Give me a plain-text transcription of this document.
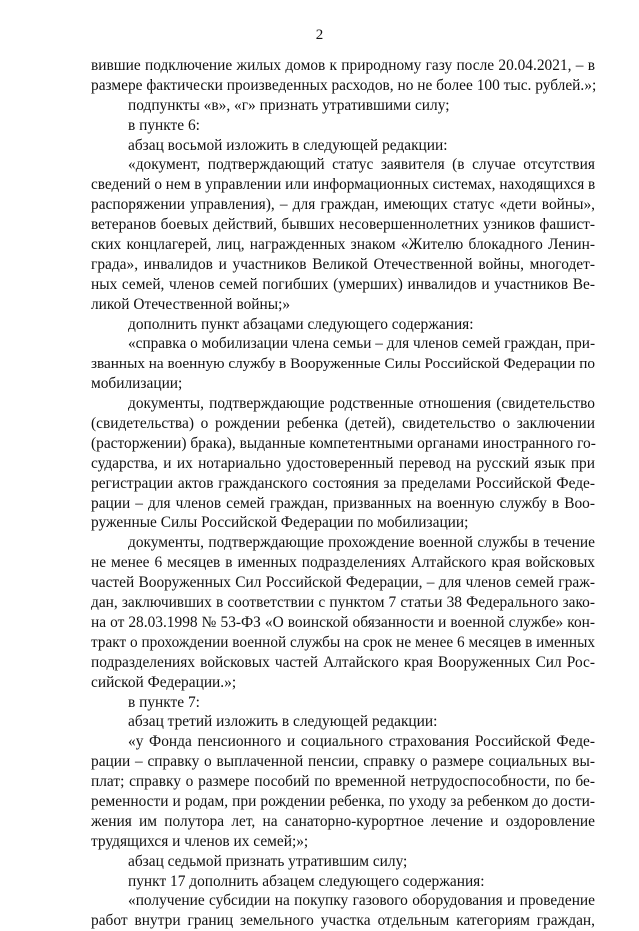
2
вившие подключение жилых домов к природному газу после 20.04.2021, – в
размере фактически произведенных расходов, но не более 100 тыс. рублей.»;
подпункты «в», «г» признать утратившими силу;
в пункте 6:
абзац восьмой изложить в следующей редакции:
«документ, подтверждающий статус заявителя (в случае отсутствия
сведений о нем в управлении или информационных системах, находящихся в
распоряжении управления), – для граждан, имеющих статус «дети войны»,
ветеранов боевых действий, бывших несовершеннолетних узников фашист-
ских концлагерей, лиц, награжденных знаком «Жителю блокадного Ленин-
града», инвалидов и участников Великой Отечественной войны, многодет-
ных семей, членов семей погибших (умерших) инвалидов и участников Ве-
ликой Отечественной войны;»
дополнить пункт абзацами следующего содержания:
«справка о мобилизации члена семьи – для членов семей граждан, при-
званных на военную службу в Вооруженные Силы Российской Федерации по
мобилизации;
документы, подтверждающие родственные отношения (свидетельство
(свидетельства) о рождении ребенка (детей), свидетельство о заключении
(расторжении) брака), выданные компетентными органами иностранного го-
сударства, и их нотариально удостоверенный перевод на русский язык при
регистрации актов гражданского состояния за пределами Российской Феде-
рации – для членов семей граждан, призванных на военную службу в Воо-
руженные Силы Российской Федерации по мобилизации;
документы, подтверждающие прохождение военной службы в течение
не менее 6 месяцев в именных подразделениях Алтайского края войсковых
частей Вооруженных Сил Российской Федерации, – для членов семей граж-
дан, заключивших в соответствии с пунктом 7 статьи 38 Федерального зако-
на от 28.03.1998 № 53-ФЗ «О воинской обязанности и военной службе» кон-
тракт о прохождении военной службы на срок не менее 6 месяцев в именных
подразделениях войсковых частей Алтайского края Вооруженных Сил Рос-
сийской Федерации.»;
в пункте 7:
абзац третий изложить в следующей редакции:
«у Фонда пенсионного и социального страхования Российской Феде-
рации – справку о выплаченной пенсии, справку о размере социальных вы-
плат; справку о размере пособий по временной нетрудоспособности, по бе-
ременности и родам, при рождении ребенка, по уходу за ребенком до дости-
жения им полутора лет, на санаторно-курортное лечение и оздоровление
трудящихся и членов их семей;»;
абзац седьмой признать утратившим силу;
пункт 17 дополнить абзацем следующего содержания:
«получение субсидии на покупку газового оборудования и проведение
работ внутри границ земельного участка отдельным категориям граждан,
